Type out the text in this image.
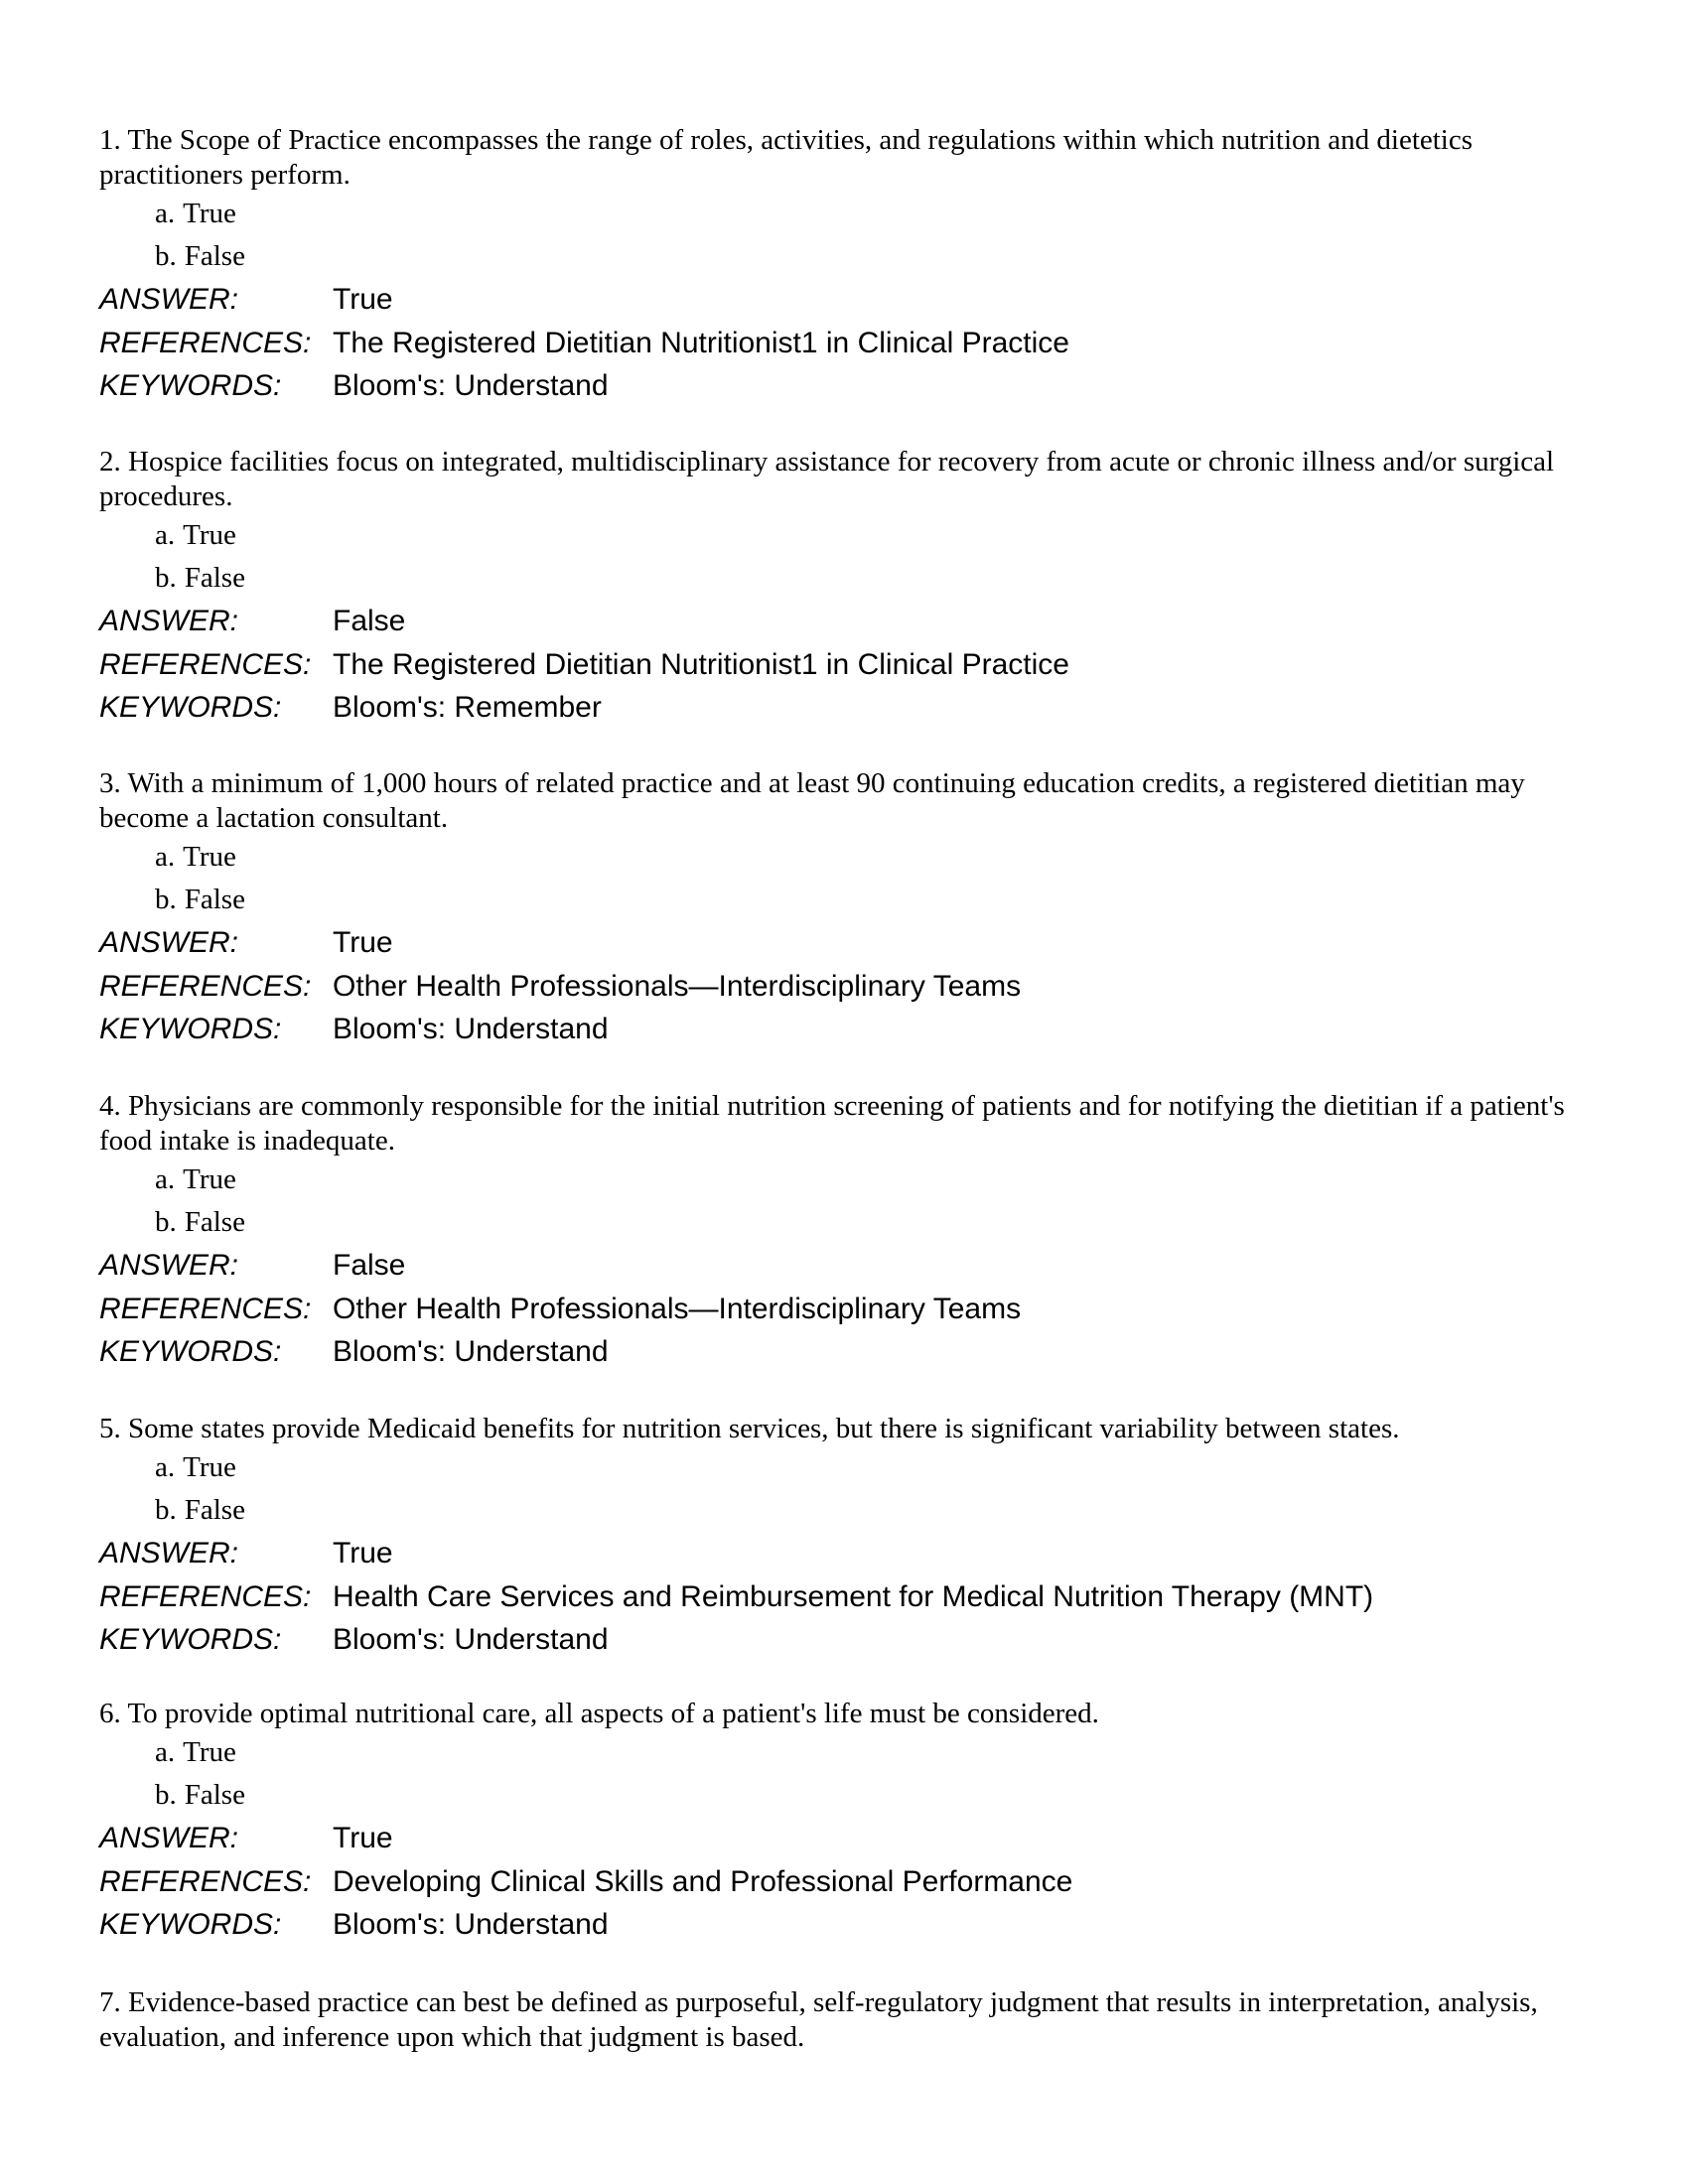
1. The Scope of Practice encompasses the range of roles, activities, and regulations within which nutrition and dietetics practitioners perform.

a. True
b. False
ANSWER:	True
REFERENCES: The Registered Dietitian Nutritionist1 in Clinical Practice
KEYWORDS:	Bloom's: Understand

2. Hospice facilities focus on integrated, multidisciplinary assistance for recovery from acute or chronic illness and/or surgical procedures.

a. True
b. False
ANSWER:	False
REFERENCES: The Registered Dietitian Nutritionist1 in Clinical Practice
KEYWORDS:	Bloom's: Remember

3. With a minimum of 1,000 hours of related practice and at least 90 continuing education credits, a registered dietitian may become a lactation consultant.

a. True
b. False
ANSWER:	True
REFERENCES: Other Health Professionals—Interdisciplinary Teams
KEYWORDS:	Bloom's: Understand

4. Physicians are commonly responsible for the initial nutrition screening of patients and for notifying the dietitian if a patient's food intake is inadequate.

a. True
b. False
ANSWER:	False
REFERENCES: Other Health Professionals—Interdisciplinary Teams
KEYWORDS:	Bloom's: Understand

5. Some states provide Medicaid benefits for nutrition services, but there is significant variability between states.

a. True
b. False
ANSWER:	True
REFERENCES: Health Care Services and Reimbursement for Medical Nutrition Therapy (MNT)
KEYWORDS:	Bloom's: Understand

6. To provide optimal nutritional care, all aspects of a patient's life must be considered.

a. True
b. False
ANSWER:	True
REFERENCES: Developing Clinical Skills and Professional Performance
KEYWORDS:	Bloom's: Understand

7. Evidence-based practice can best be defined as purposeful, self-regulatory judgment that results in interpretation, analysis, evaluation, and inference upon which that judgment is based.
